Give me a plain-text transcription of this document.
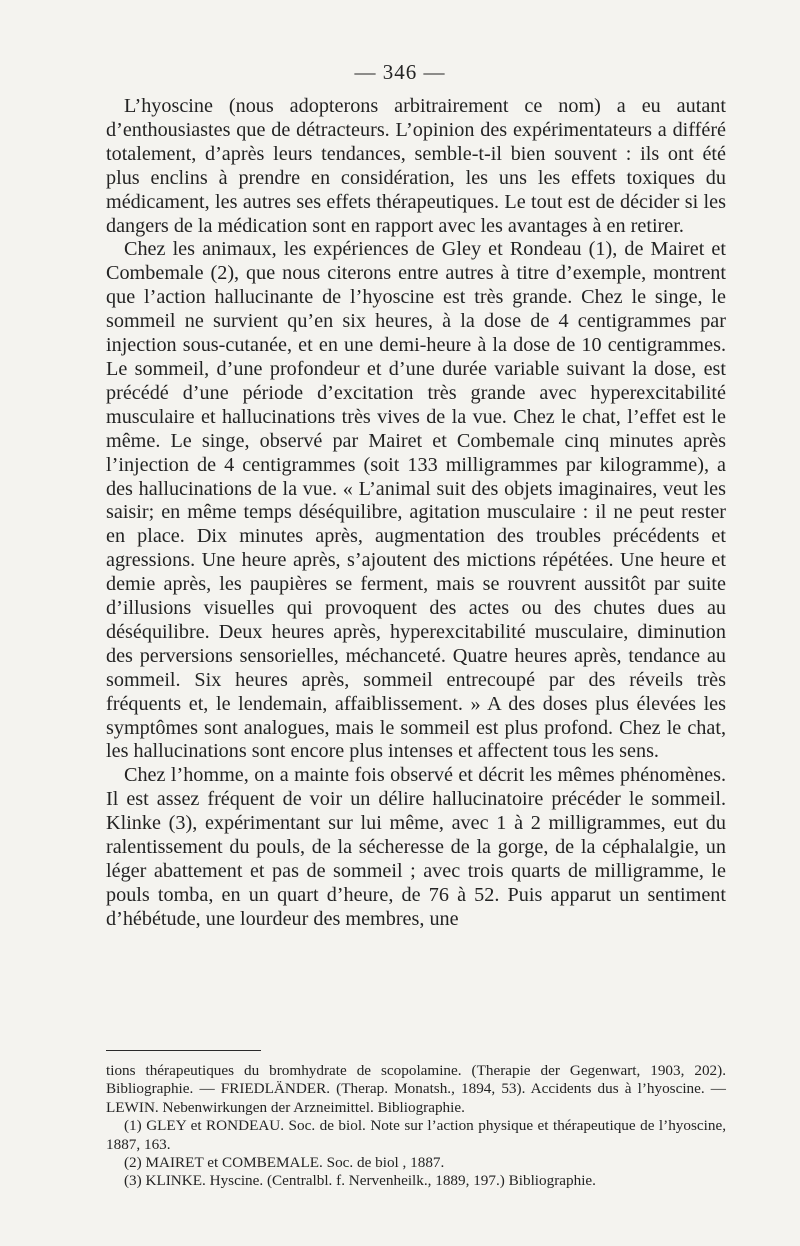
— 346 —

L’hyoscine (nous adopterons arbitrairement ce nom) a eu autant d’enthousiastes que de détracteurs. L’opinion des expérimentateurs a différé totalement, d’après leurs tendances, semble-t-il bien souvent : ils ont été plus enclins à prendre en considération, les uns les effets toxiques du médicament, les autres ses effets thérapeutiques. Le tout est de décider si les dangers de la médication sont en rapport avec les avantages à en retirer.

Chez les animaux, les expériences de Gley et Rondeau (1), de Mairet et Combemale (2), que nous citerons entre autres à titre d’exemple, montrent que l’action hallucinante de l’hyoscine est très grande. Chez le singe, le sommeil ne survient qu’en six heures, à la dose de 4 centigrammes par injection sous-cutanée, et en une demi-heure à la dose de 10 centigrammes. Le sommeil, d’une profondeur et d’une durée variable suivant la dose, est précédé d’une période d’excitation très grande avec hyperexcitabilité musculaire et hallucinations très vives de la vue. Chez le chat, l’effet est le même. Le singe, observé par Mairet et Combemale cinq minutes après l’injection de 4 centigrammes (soit 133 milligrammes par kilogramme), a des hallucinations de la vue. « L’animal suit des objets imaginaires, veut les saisir; en même temps déséquilibre, agitation musculaire : il ne peut rester en place. Dix minutes après, augmentation des troubles précédents et agressions. Une heure après, s’ajoutent des mictions répétées. Une heure et demie après, les paupières se ferment, mais se rouvrent aussitôt par suite d’illusions visuelles qui provoquent des actes ou des chutes dues au déséquilibre. Deux heures après, hyperexcitabilité musculaire, diminution des perversions sensorielles, méchanceté. Quatre heures après, tendance au sommeil. Six heures après, sommeil entrecoupé par des réveils très fréquents et, le lendemain, affaiblissement. » A des doses plus élevées les symptômes sont analogues, mais le sommeil est plus profond. Chez le chat, les hallucinations sont encore plus intenses et affectent tous les sens.

Chez l’homme, on a mainte fois observé et décrit les mêmes phénomènes. Il est assez fréquent de voir un délire hallucinatoire précéder le sommeil. Klinke (3), expérimentant sur lui même, avec 1 à 2 milligrammes, eut du ralentissement du pouls, de la sécheresse de la gorge, de la céphalalgie, un léger abattement et pas de sommeil ; avec trois quarts de milligramme, le pouls tomba, en un quart d’heure, de 76 à 52. Puis apparut un sentiment d’hébétude, une lourdeur des membres, une

tions thérapeutiques du bromhydrate de scopolamine. (Therapie der Gegenwart, 1903, 202). Bibliographie. — FRIEDLÄNDER. (Therap. Monatsh., 1894, 53). Accidents dus à l’hyoscine. — LEWIN. Nebenwirkungen der Arzneimittel. Bibliographie.

(1) GLEY et RONDEAU. Soc. de biol. Note sur l’action physique et thérapeutique de l’hyoscine, 1887, 163.

(2) MAIRET et COMBEMALE. Soc. de biol , 1887.

(3) KLINKE. Hyscine. (Centralbl. f. Nervenheilk., 1889, 197.) Bibliographie.
